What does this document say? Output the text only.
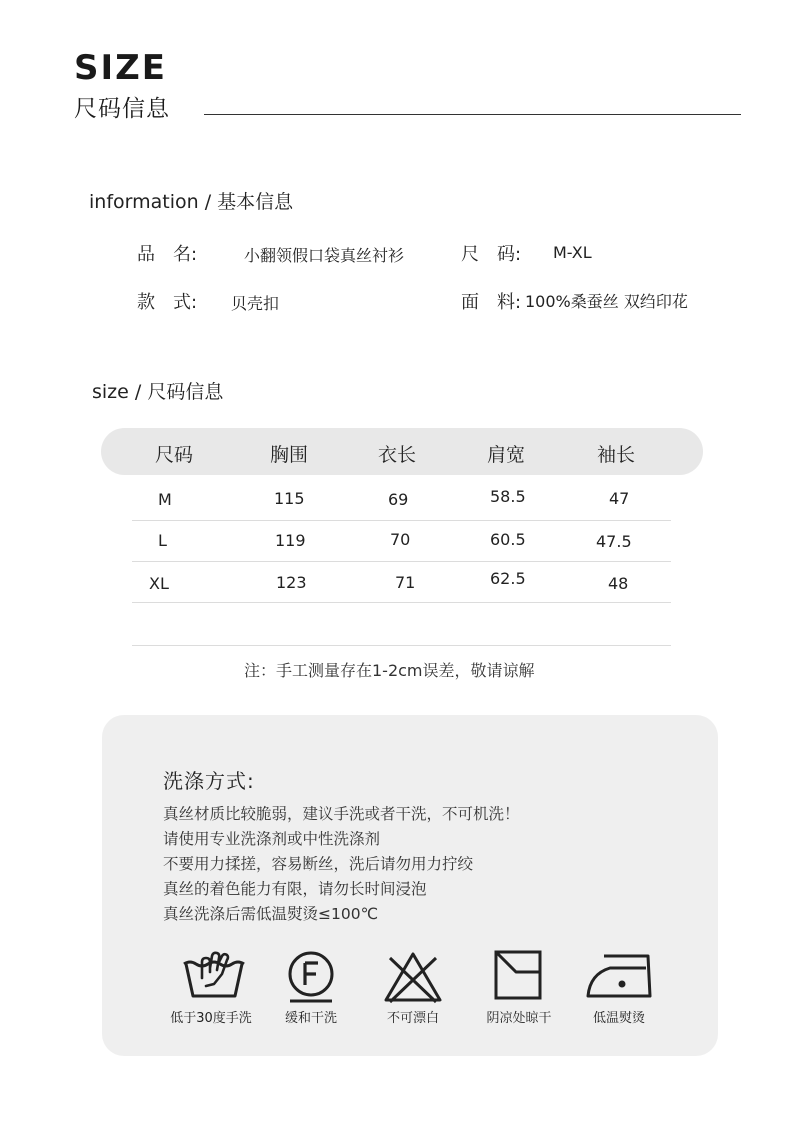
SIZE
尺码信息
information / 基本信息
品　名:	小翻领假口袋真丝衬衫	尺　码: M-XL
款　式: 贝壳扣	面　料: 100%桑蚕丝 双绉印花
size / 尺码信息
尺码	胸围	衣长	肩宽	袖长
M	115	69	58.5	47
L	119	70	60.5	47.5
XL	123	71	62.5	48
注：手工测量存在1-2cm误差，敬请谅解
洗涤方式:
真丝材质比较脆弱，建议手洗或者干洗，不可机洗！
请使用专业洗涤剂或中性洗涤剂
不要用力揉搓，容易断丝，洗后请勿用力拧绞
真丝的着色能力有限，请勿长时间浸泡
真丝洗涤后需低温熨烫≤100℃
低于30度手洗	缓和干洗	不可漂白	阴凉处晾干	低温熨烫
